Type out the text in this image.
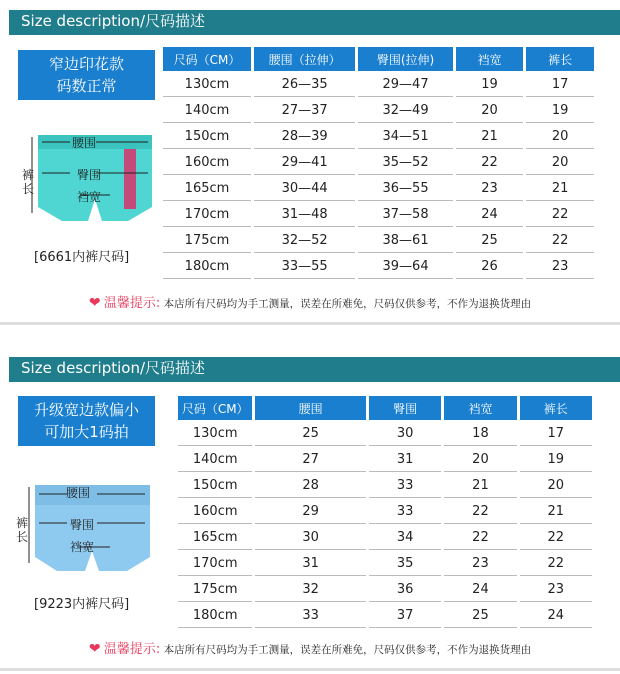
Size description/尺码描述
窄边印花款
码数正常
腰围
臀围
裆宽
裤长
[6661内裤尺码]
尺码（CM）	腰围（拉伸）	臀围(拉伸)	裆宽	裤长
130cm	26—35	29—47	19	17
140cm	27—37	32—49	20	19
150cm	28—39	34—51	21	20
160cm	29—41	35—52	22	20
165cm	30—44	36—55	23	21
170cm	31—48	37—58	24	22
175cm	32—52	38—61	25	22
180cm	33—55	39—64	26	23
❤ 温馨提示: 本店所有尺码均为手工测量，误差在所难免，尺码仅供参考，不作为退换货理由
Size description/尺码描述
升级宽边款偏小
可加大1码拍
腰围
臀围
裆宽
裤长
[9223内裤尺码]
尺码（CM）	腰围	臀围	裆宽	裤长
130cm	25	30	18	17
140cm	27	31	20	19
150cm	28	33	21	20
160cm	29	33	22	21
165cm	30	34	22	22
170cm	31	35	23	22
175cm	32	36	24	23
180cm	33	37	25	24
❤ 温馨提示: 本店所有尺码均为手工测量，误差在所难免，尺码仅供参考，不作为退换货理由
